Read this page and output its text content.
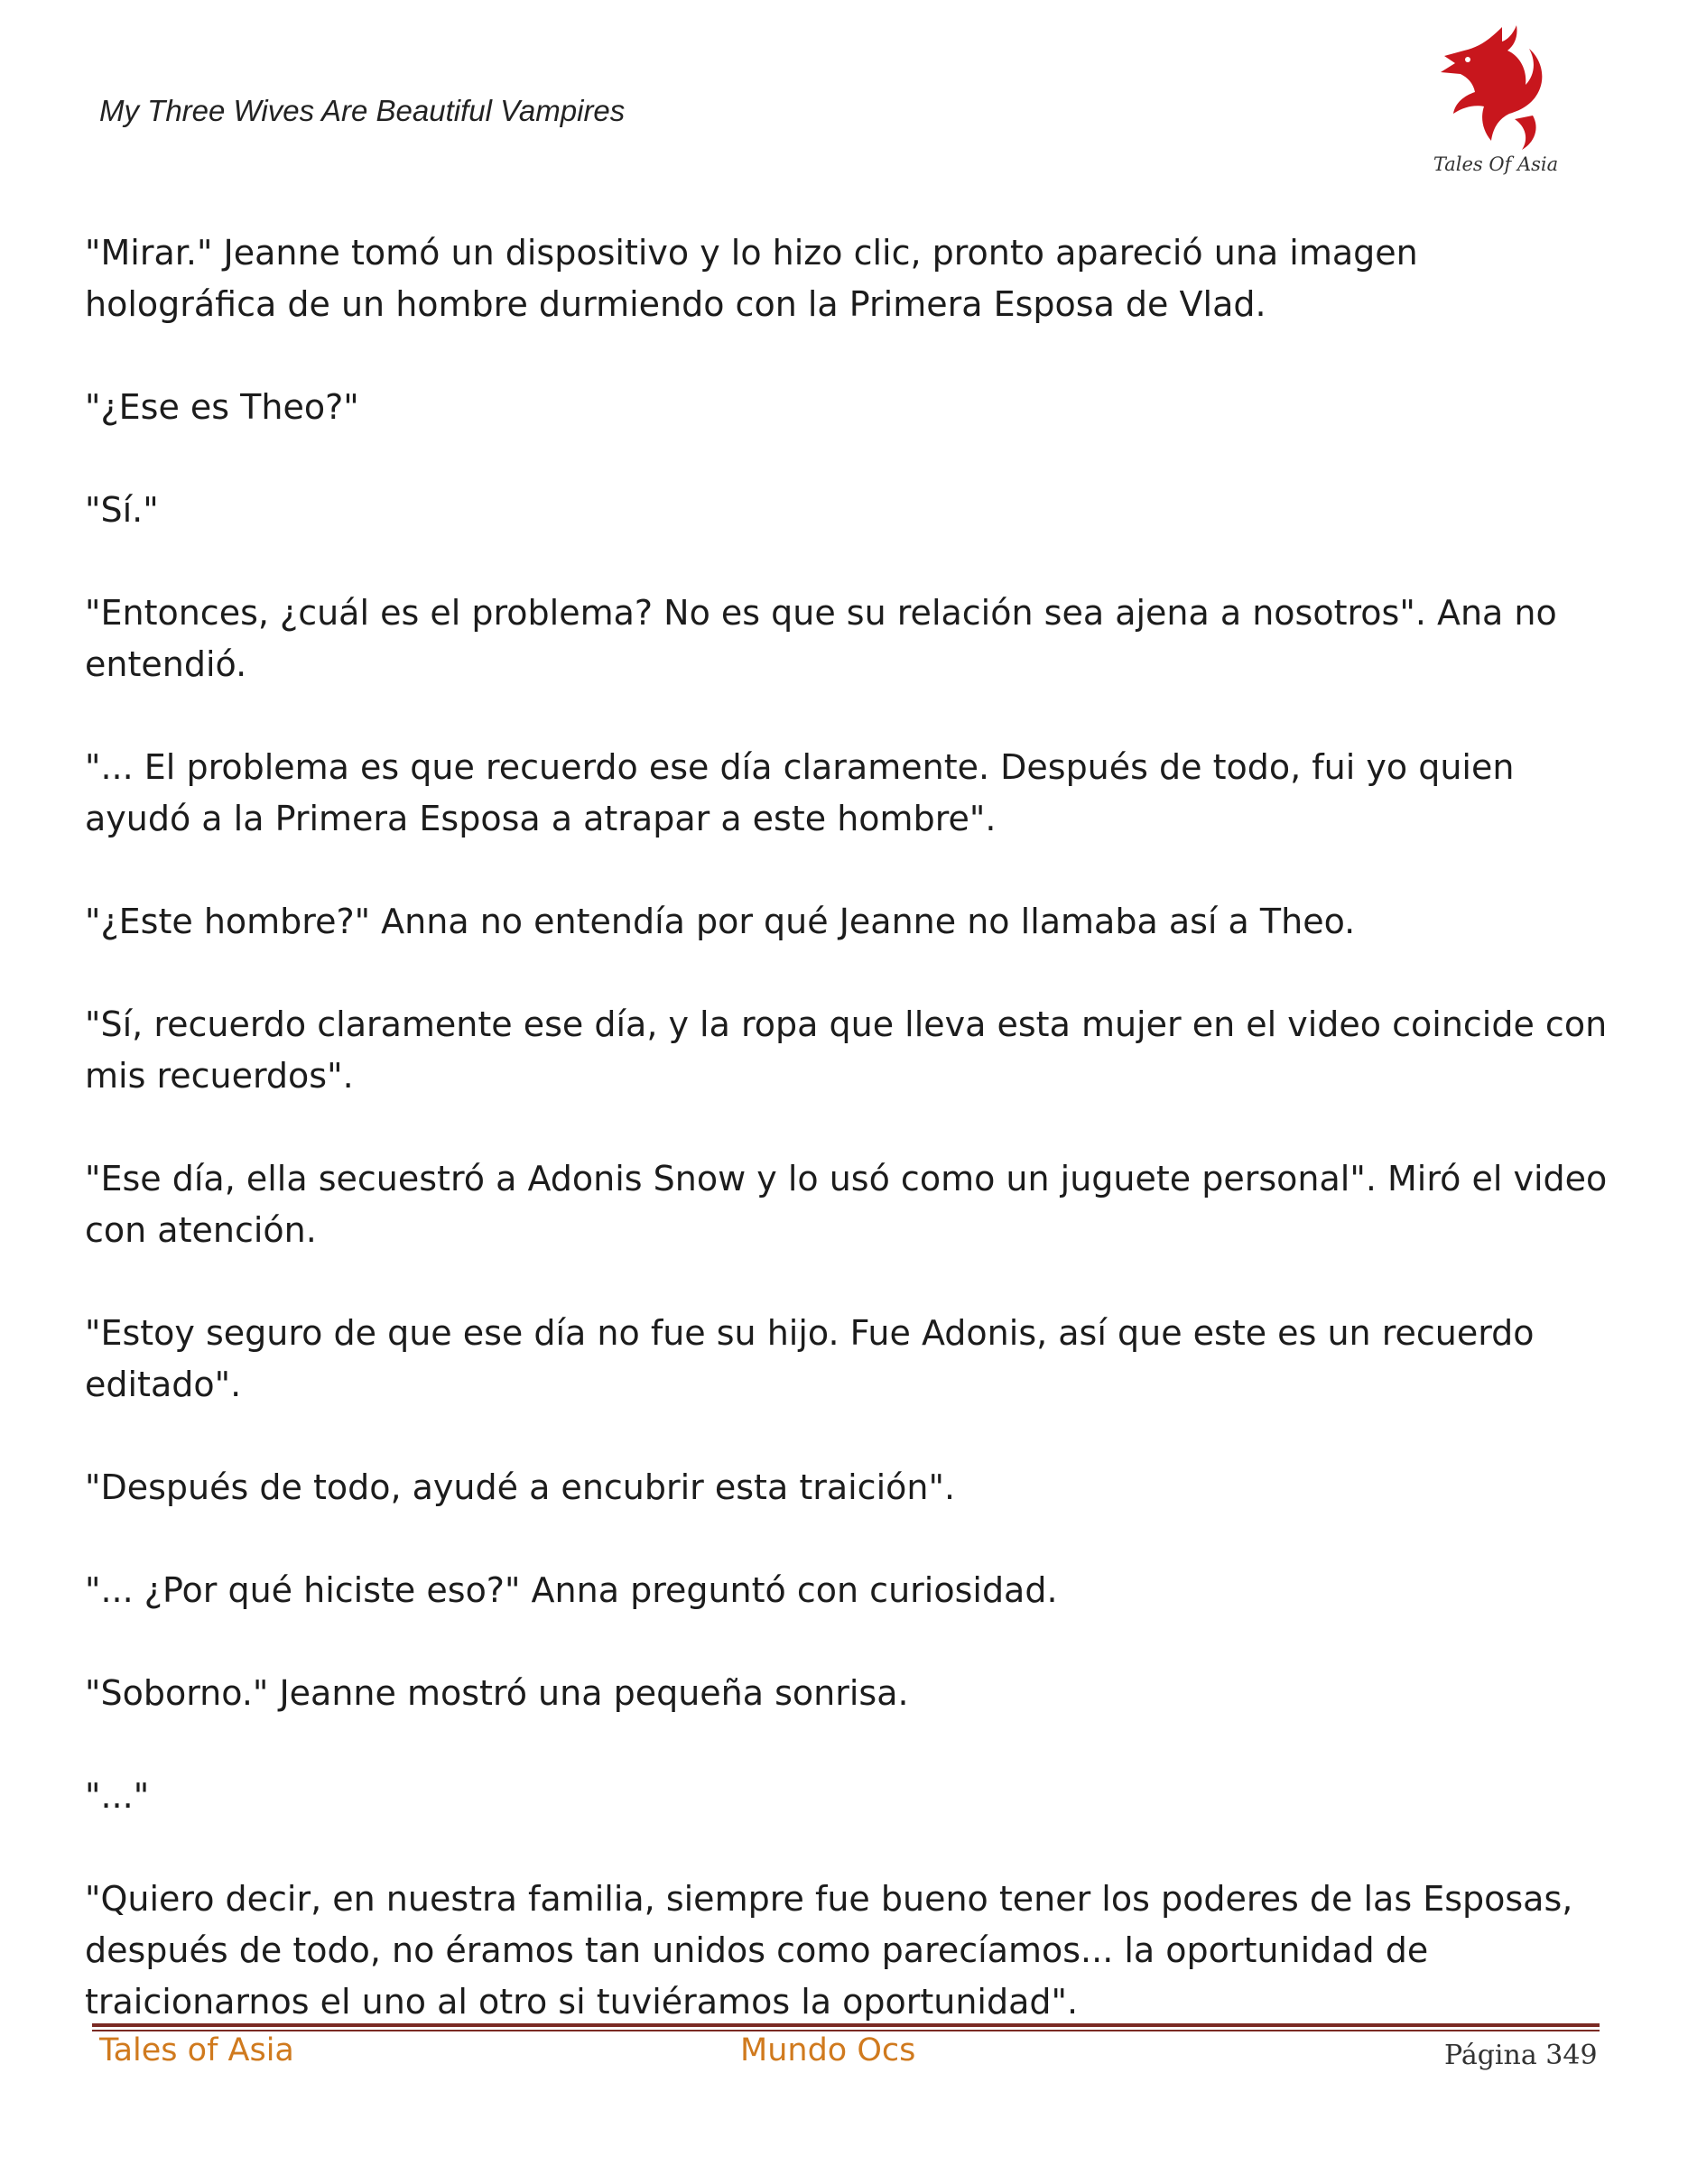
My Three Wives Are Beautiful Vampires
Tales Of Asia

"Mirar." Jeanne tomó un dispositivo y lo hizo clic, pronto apareció una imagen holográfica de un hombre durmiendo con la Primera Esposa de Vlad.

"¿Ese es Theo?"

"Sí."

"Entonces, ¿cuál es el problema? No es que su relación sea ajena a nosotros". Ana no entendió.

"... El problema es que recuerdo ese día claramente. Después de todo, fui yo quien ayudó a la Primera Esposa a atrapar a este hombre".

"¿Este hombre?" Anna no entendía por qué Jeanne no llamaba así a Theo.

"Sí, recuerdo claramente ese día, y la ropa que lleva esta mujer en el video coincide con mis recuerdos".

"Ese día, ella secuestró a Adonis Snow y lo usó como un juguete personal". Miró el video con atención.

"Estoy seguro de que ese día no fue su hijo. Fue Adonis, así que este es un recuerdo editado".

"Después de todo, ayudé a encubrir esta traición".

"... ¿Por qué hiciste eso?" Anna preguntó con curiosidad.

"Soborno." Jeanne mostró una pequeña sonrisa.

"..."

"Quiero decir, en nuestra familia, siempre fue bueno tener los poderes de las Esposas, después de todo, no éramos tan unidos como parecíamos... la oportunidad de traicionarnos el uno al otro si tuviéramos la oportunidad".

Tales of Asia	Mundo Ocs	Página 349
